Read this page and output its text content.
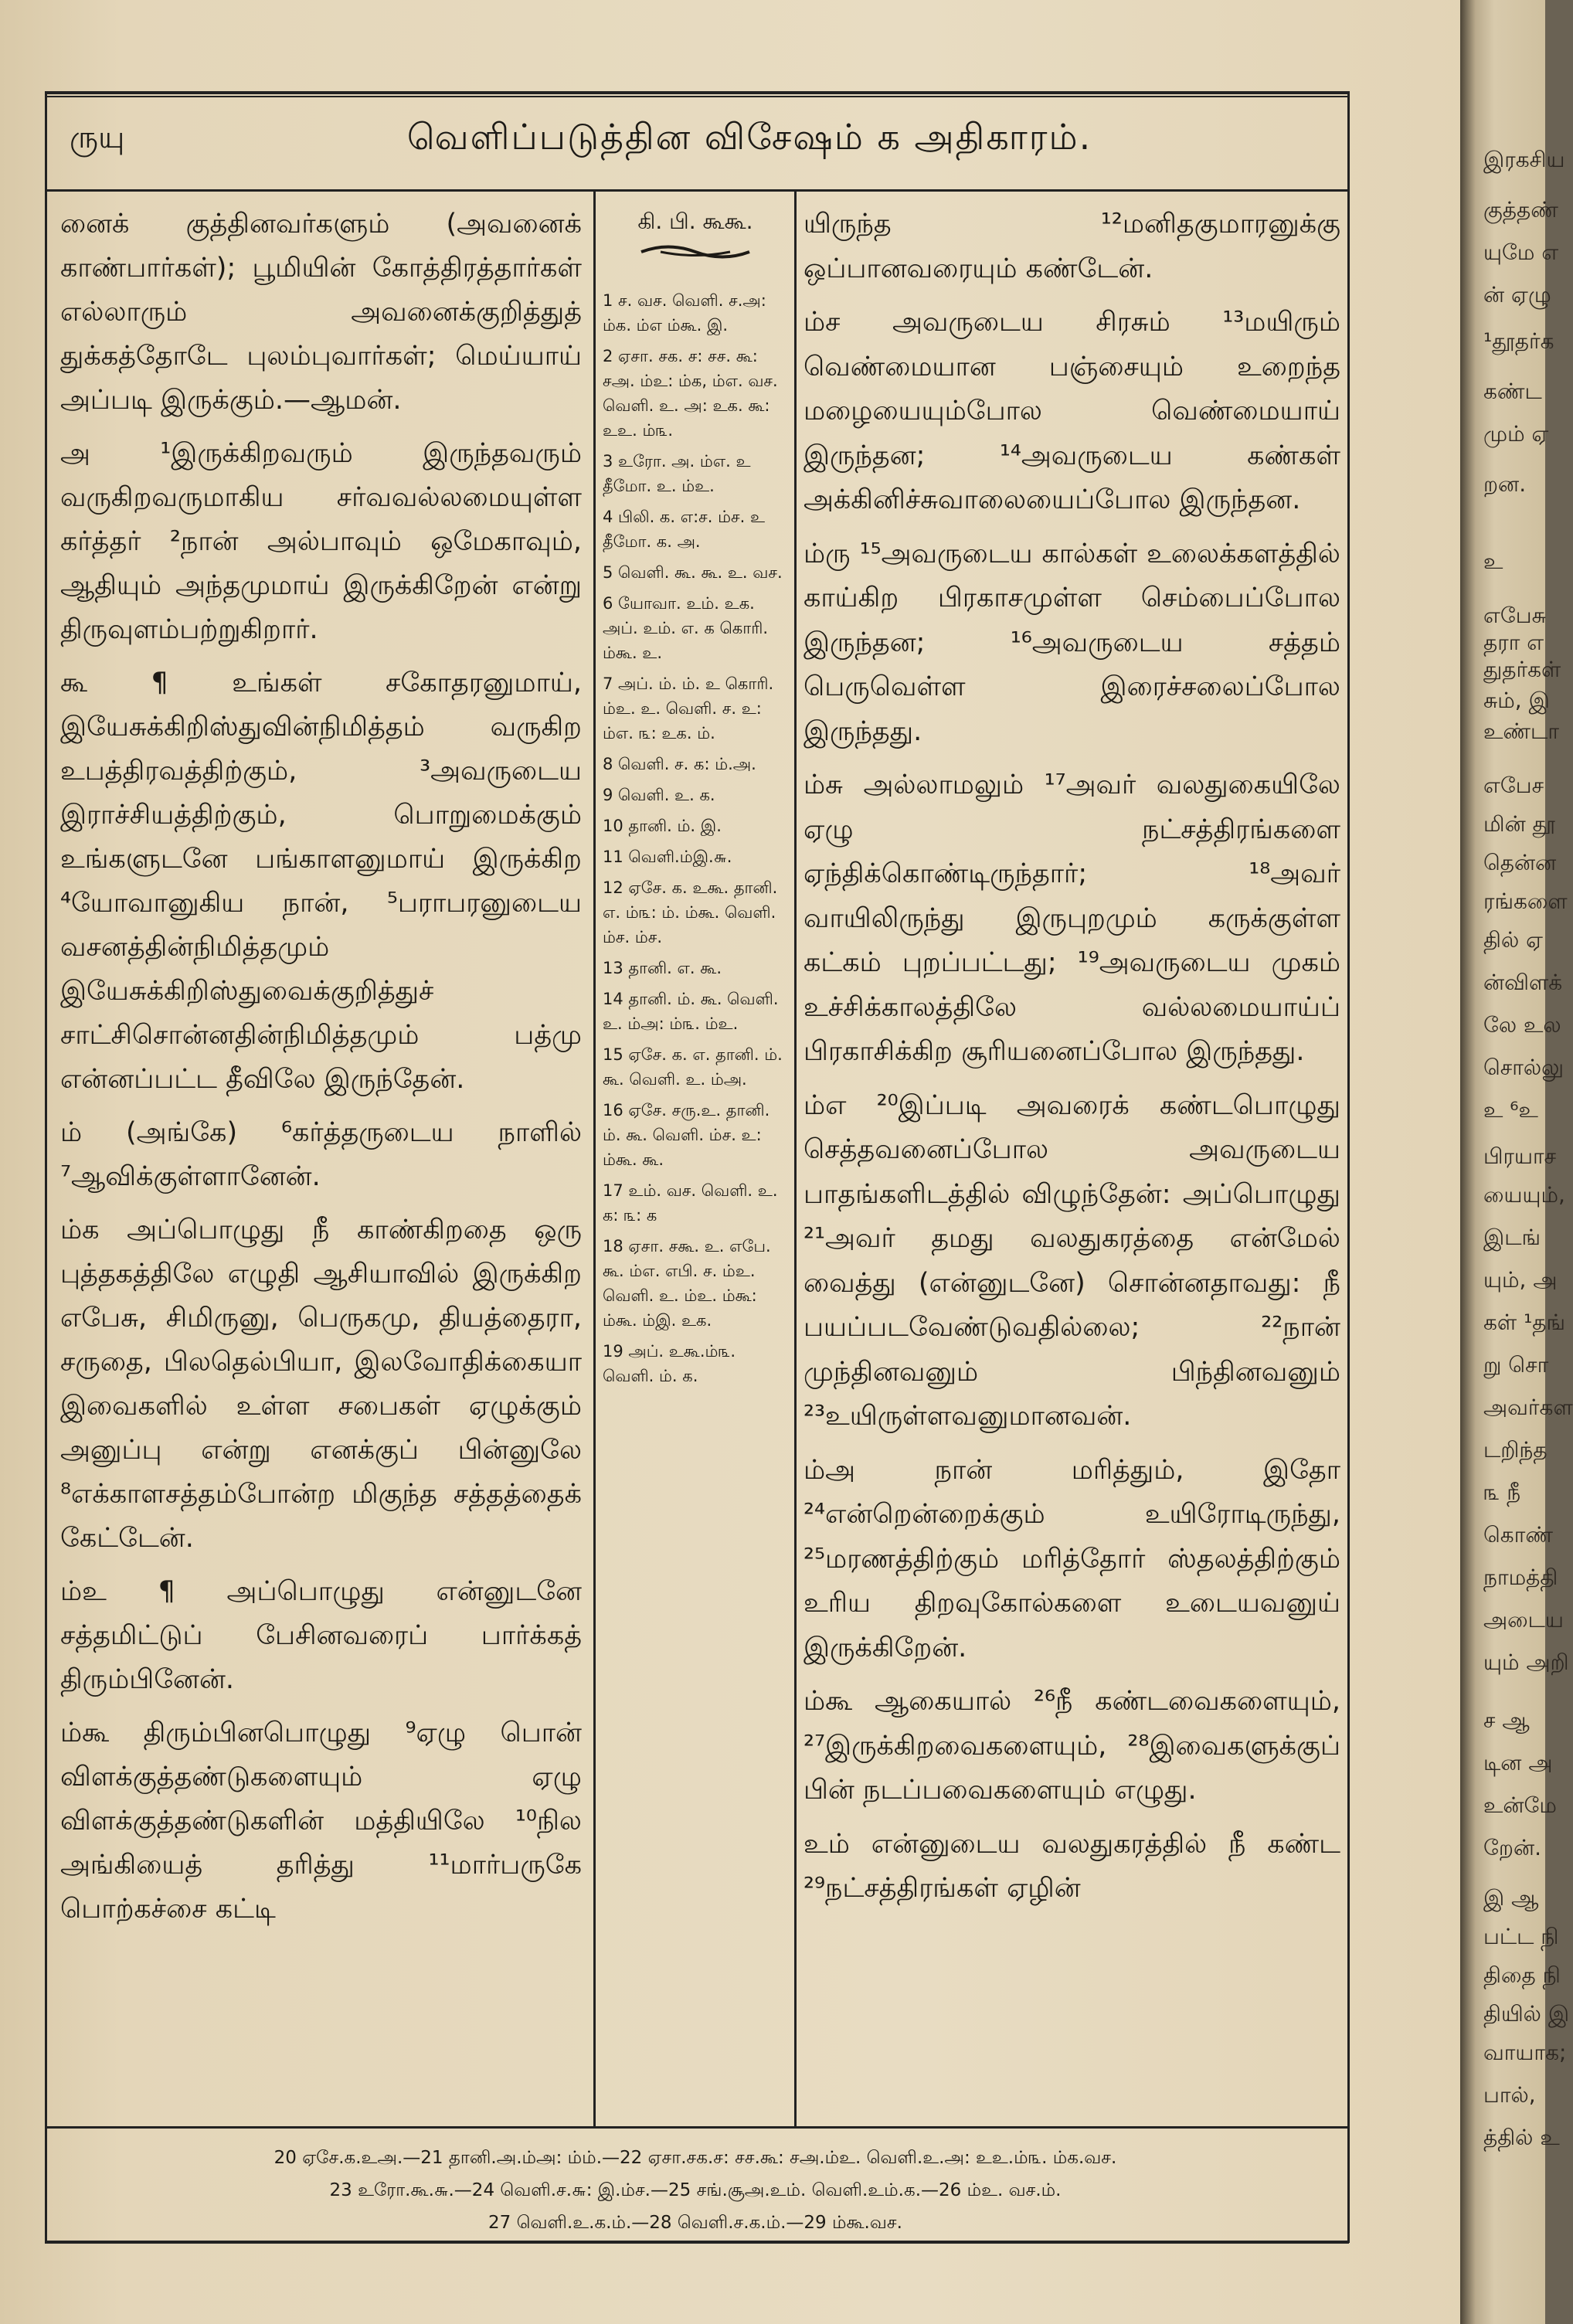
ருயு	வெளிப்படுத்தின விசேஷம் க அதிகாரம்.

னைக் குத்தினவர்களும் (அவனைக் காண்பார்கள்); பூமியின் கோத்திரத்தார்கள் எல்லாரும் அவனைக்குறித்துத் துக்கத்தோடே புலம்புவார்கள்; மெய்யாய் அப்படி இருக்கும்.—ஆமன்.

அ ¹இருக்கிறவரும் இருந்தவரும் வருகிறவருமாகிய சர்வவல்லமையுள்ள கர்த்தர் ²நான் அல்பாவும் ஒமேகாவும், ஆதியும் அந்தமுமாய் இருக்கிறேன் என்று திருவுளம்பற்றுகிறார்.

கூ ¶ உங்கள் சகோதரனுமாய், இயேசுக்கிறிஸ்துவின்நிமித்தம் வருகிற உபத்திரவத்திற்கும், ³அவருடைய இராச்சியத்திற்கும், பொறுமைக்கும் உங்களுடனே பங்காளனுமாய் இருக்கிற ⁴யோவானுகிய நான், ⁵பராபரனுடைய வசனத்தின்நிமித்தமும் இயேசுக்கிறிஸ்துவைக்குறித்துச் சாட்சிசொன்னதின்நிமித்தமும் பத்மு என்னப்பட்ட தீவிலே இருந்தேன்.

ம் (அங்கே) ⁶கர்த்தருடைய நாளில் ⁷ஆவிக்குள்ளானேன்.

ம்க அப்பொழுது நீ காண்கிறதை ஒரு புத்தகத்திலே எழுதி ஆசியாவில் இருக்கிற எபேசு, சிமிருனு, பெருகமு, தியத்தைரா, சருதை, பிலதெல்பியா, இலவோதிக்கையா இவைகளில் உள்ள சபைகள் ஏழுக்கும் அனுப்பு என்று எனக்குப் பின்னுலே ⁸எக்காளசத்தம்போன்ற மிகுந்த சத்தத்தைக் கேட்டேன்.

ம்உ ¶ அப்பொழுது என்னுடனே சத்தமிட்டுப் பேசினவரைப் பார்க்கத் திரும்பினேன்.

ம்கூ திரும்பினபொழுது ⁹ஏழு பொன் விளக்குத்தண்டுகளையும் ஏழு விளக்குத்தண்டுகளின் மத்தியிலே ¹⁰நில அங்கியைத் தரித்து ¹¹மார்பருகே பொற்கச்சை கட்டி

கி. பி. கூகூ.
1 ச. வச. வெளி. ச.அ: ம்க. ம்எ ம்கூ. இ.
2 ஏசா. சக. ச: சச. கூ: சஅ. ம்உ: ம்க, ம்எ. வச. வெளி. உ. அ: உக. கூ: உஉ. ம்௩.
3 உரோ. அ. ம்எ. உ தீமோ. உ. ம்உ.
4 பிலி. க. எ:ச. ம்ச. உ தீமோ. க. அ.
5 வெளி. கூ. கூ. உ. வச.
6 யோவா. உம். உக. அப். உம். எ. க கொரி. ம்கூ. உ.
7 அப். ம். ம். உ கொரி. ம்உ. உ. வெளி. ச. உ: ம்எ. ௩: உக. ம்.
8 வெளி. ச. க: ம்.அ.
9 வெளி. உ. க.
10 தானி. ம். இ.
11 வெளி.ம்இ.௬.
12 ஏசே. க. உகூ. தானி. எ. ம்௩: ம். ம்கூ. வெளி. ம்ச. ம்ச.
13 தானி. எ. கூ.
14 தானி. ம். கூ. வெளி. உ. ம்அ: ம்௩. ம்உ.
15 ஏசே. க. எ. தானி. ம். கூ. வெளி. உ. ம்அ.
16 ஏசே. சரு.உ. தானி. ம். கூ. வெளி. ம்ச. உ: ம்கூ. கூ.
17 உம். வச. வெளி. உ. க: ௩: க
18 ஏசா. சகூ. உ. எபே. கூ. ம்எ. எபி. ச. ம்உ. வெளி. உ. ம்உ. ம்கூ: ம்கூ. ம்இ. உக.
19 அப். உகூ.ம்௩. வெளி. ம். க.

யிருந்த ¹²மனிதகுமாரனுக்கு ஒப்பானவரையும் கண்டேன்.

ம்ச அவருடைய சிரசும் ¹³மயிரும் வெண்மையான பஞ்சையும் உறைந்த மழையையும்போல வெண்மையாய் இருந்தன; ¹⁴அவருடைய கண்கள் அக்கினிச்சுவாலையைப்போல இருந்தன.

ம்ரு ¹⁵அவருடைய கால்கள் உலைக்களத்தில் காய்கிற பிரகாசமுள்ள செம்பைப்போல இருந்தன; ¹⁶அவருடைய சத்தம் பெருவெள்ள இரைச்சலைப்போல இருந்தது.

ம்சு அல்லாமலும் ¹⁷அவர் வலதுகையிலே ஏழு நட்சத்திரங்களை ஏந்திக்கொண்டிருந்தார்; ¹⁸அவர் வாயிலிருந்து இருபுறமும் கருக்குள்ள கட்கம் புறப்பட்டது; ¹⁹அவருடைய முகம் உச்சிக்காலத்திலே வல்லமையாய்ப் பிரகாசிக்கிற சூரியனைப்போல இருந்தது.

ம்எ ²⁰இப்படி அவரைக் கண்டபொழுது செத்தவனைப்போல அவருடைய பாதங்களிடத்தில் விழுந்தேன்: அப்பொழுது ²¹அவர் தமது வலதுகரத்தை என்மேல் வைத்து (என்னுடனே) சொன்னதாவது: நீ பயப்படவேண்டுவதில்லை; ²²நான் முந்தினவனும் பிந்தினவனும் ²³உயிருள்ளவனுமானவன்.

ம்அ நான் மரித்தும், இதோ ²⁴என்றென்றைக்கும் உயிரோடிருந்து, ²⁵மரணத்திற்கும் மரித்தோர் ஸ்தலத்திற்கும் உரிய திறவுகோல்களை உடையவனுய் இருக்கிறேன்.

ம்கூ ஆகையால் ²⁶நீ கண்டவைகளையும், ²⁷இருக்கிறவைகளையும், ²⁸இவைகளுக்குப் பின் நடப்பவைகளையும் எழுது.

உம் என்னுடைய வலதுகரத்தில் நீ கண்ட ²⁹நட்சத்திரங்கள் ஏழின்

20 ஏசே.க.உஅ.—21 தானி.அ.ம்அ: ம்ம்.—22 ஏசா.சக.ச: சச.கூ: சஅ.ம்உ. வெளி.உ.அ: உஉ.ம்௩. ம்க.வச.
23 உரோ.கூ.௬.—24 வெளி.ச.௬: இ.ம்ச.—25 சங்.சூஅ.உம். வெளி.உம்.க.—26 ம்உ. வச.ம்.
27 வெளி.உ.க.ம்.—28 வெளி.ச.க.ம்.—29 ம்கூ.வச.
இரகசிய
குத்தண்
யுமே எ
ன் ஏழு
¹தூதர்க
கண்ட
மும் ஏ
றன.
உ
எபேசு
தரா எ
துதர்கள்
சும், இ
உண்டா
எபேச
மின் தூ
தென்ன
ரங்களை
தில் ஏ
ன்விளக்
லே உல
சொல்லு
உ ⁶உ
பிரயாச
யையும்,
இடங்
யும், அ
கள் ¹தங்
று சொ
அவர்கள
டறிந்த
௩ நீ
கொண்
நாமத்தி
அடைய
யும் அறி
ச ஆ
டின அ
உன்மே
றேன்.
இ ஆ
பட்ட நி
திதை நி
தியில் இ
வாயாக;
பால்,
த்தில் உ
